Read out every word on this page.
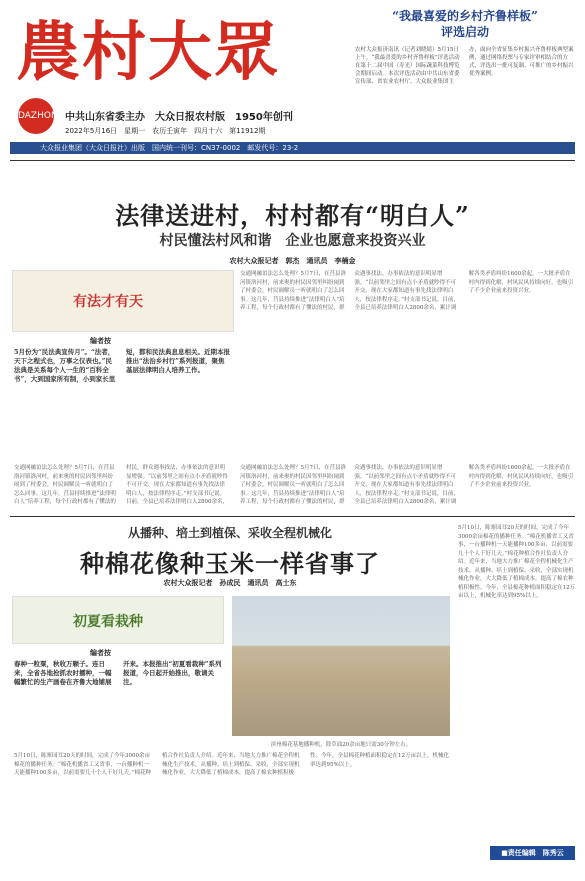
農村大眾
DAZHONG 中共山东省委主办　大众日报农村版　1950年创刊
2022年5月16日　星期一　农历壬寅年　四月十六　第11912期
大众报业集团（大众日报社）出版　国内统一刊号：CN37-0002　邮发代号：23-2
“我最喜爱的乡村齐鲁样板”
评选启动
农村大众报济南讯（记者刘晓婧）5月15日上午，“我最喜爱的乡村齐鲁样板”评选活动在第十二届中国（寿光）国际蔬菜科技博览会期间启动。本次评选活动由中共山东省委宣传部、省农业农村厅、大众报业集团主办，面向全省征集乡村振兴齐鲁样板典型案例，通过网络投票与专家评审相结合的方式，评选出一批可复制、可推广的乡村振兴优秀案例。
法律送进村，村村都有“明白人”
村民懂法村风和谐　企业也愿意来投资兴业
农村大众报记者　郭杰　通讯员　李楠金
有法才有天
编者按
5月份为“民法典宣传月”。“法者，天下之程式也，万事之仪表也。”民法典是关系每个人一生的“百科全书”，大到国家所有制，小到家长里短，都和民法典息息相关。近期本报推出“法治乡村行”系列报道，聚焦基层法律明白人培养工作。
交通网融谊法怎么处理？5月7日，在莒县洛河镇洛河村，前来奥的村民因邻里纠纷闹到了村委会，村民调解员一听就明白了怎么回事。这几年，莒县持续推进“法律明白人”培养工程，每个行政村都有了懂法的村民，群众遇事找法、办事依法的意识明显增强。“以前邻里之间有点小矛盾就吵得不可开交，现在大家都知道有事先找法律明白人，按法律程序走。”村支部书记说。目前，全县已培养法律明白人2800余名，累计调解各类矛盾纠纷1600余起，一大批矛盾在村内得到化解，村风民风持续向好，也吸引了不少企业前来投资兴业。
交通网融谊法怎么处理？5月7日，在莒县洛河镇洛河村，前来奥的村民因邻里纠纷闹到了村委会，村民调解员一听就明白了怎么回事。这几年，莒县持续推进“法律明白人”培养工程，每个行政村都有了懂法的村民，群众遇事找法、办事依法的意识明显增强。“以前邻里之间有点小矛盾就吵得不可开交，现在大家都知道有事先找法律明白人，按法律程序走。”村支部书记说。目前，全县已培养法律明白人2800余名，
交通网融谊法怎么处理？5月7日，在莒县洛河镇洛河村，前来奥的村民因邻里纠纷闹到了村委会，村民调解员一听就明白了怎么回事。这几年，莒县持续推进“法律明白人”培养工程，每个行政村都有了懂法的村民，群众遇事找法、办事依法的意识明显增强。“以前邻里之间有点小矛盾就吵得不可开交，现在大家都知道有事先找法律明白人，按法律程序走。”村支部书记说。目前，全县已培养法律明白人2800余名，累计调解各类矛盾纠纷1600余起，一大批矛盾在村内得到化解，村风民风持续向好，也吸引了不少企业前来投资兴业。
从播种、培土到植保、采收全程机械化
种棉花像种玉米一样省事了
农村大众报记者　孙成民　通讯员　高士东
初夏看栽种
编者按
春种一粒粟，秋收万颗子。连日来，全省各地抢抓农时播种，一幅幅繁忙的生产画卷在齐鲁大地铺展开来。本报推出“初夏看栽种”系列报道，今日起开始推出，敬请关注。
滨州棉花基地播种机，除草面20余亩地只需30分钟左右。
5月10日，陈寨园耳20天的时间，完成了今年3000余亩棉花的播种任务。“棉花机播省工又省事，一台播种机一天能播种100多亩，以前需要几十个人干好几天。”棉花种植合作社负责人介绍。近年来，当地大力推广棉花全程机械化生产技术，从播种、培土到植保、采收，全部实现机械化作业，大大降低了植棉成本，提高了棉农种植积极性。今年，全县棉花种植面积稳定在12万亩以上，机械化率达到95%以上。
5月10日，陈寨园耳20天的时间，完成了今年3000余亩棉花的播种任务。“棉花机播省工又省事，一台播种机一天能播种100多亩，以前需要几十个人干好几天。”棉花种植合作社负责人介绍。近年来，当地大力推广棉花全程机械化生产技术，从播种、培土到植保、采收，全部实现机械化作业，大大降低了植棉成本，提高了棉农种植积极性。今年，全县棉花种植面积稳定在12万亩以上，机械化率达到95%以上。
■责任编辑　陈秀云
